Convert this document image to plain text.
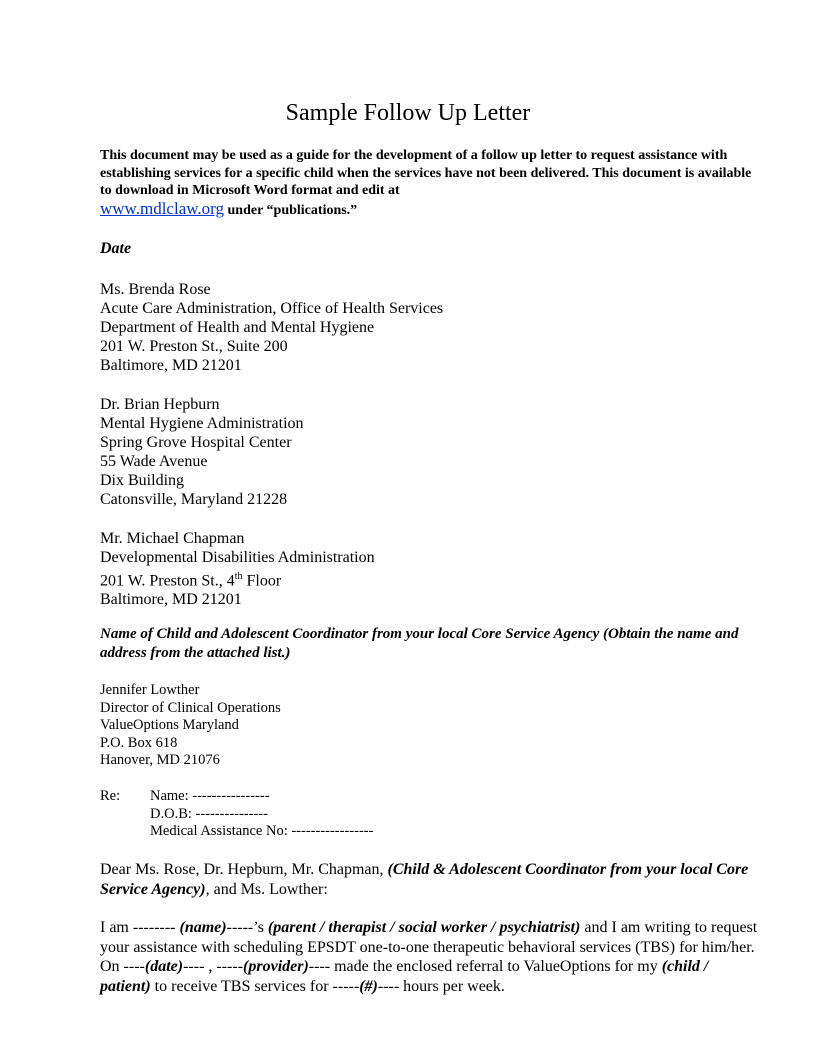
Sample Follow Up Letter
This document may be used as a guide for the development of a follow up letter to request assistance with establishing services for a specific child when the services have not been delivered. This document is available to download in Microsoft Word format and edit at
www.mdlclaw.org under “publications.”
Date
Ms. Brenda Rose
Acute Care Administration, Office of Health Services
Department of Health and Mental Hygiene
201 W. Preston St., Suite 200
Baltimore, MD 21201
Dr. Brian Hepburn
Mental Hygiene Administration
Spring Grove Hospital Center
55 Wade Avenue
Dix Building
Catonsville, Maryland 21228
Mr. Michael Chapman
Developmental Disabilities Administration
201 W. Preston St., 4th Floor
Baltimore, MD 21201
Name of Child and Adolescent Coordinator from your local Core Service Agency (Obtain the name and address from the attached list.)
Jennifer Lowther
Director of Clinical Operations
ValueOptions Maryland
P.O. Box 618
Hanover, MD 21076
Re: Name: ----------------
D.O.B: ---------------
Medical Assistance No: -----------------
Dear Ms. Rose, Dr. Hepburn, Mr. Chapman, (Child & Adolescent Coordinator from your local Core Service Agency), and Ms. Lowther:
I am -------- (name)-----’s (parent / therapist / social worker / psychiatrist) and I am writing to request your assistance with scheduling EPSDT one-to-one therapeutic behavioral services (TBS) for him/her. On ----(date)---- , -----(provider)---- made the enclosed referral to ValueOptions for my (child / patient) to receive TBS services for -----(#)---- hours per week.
